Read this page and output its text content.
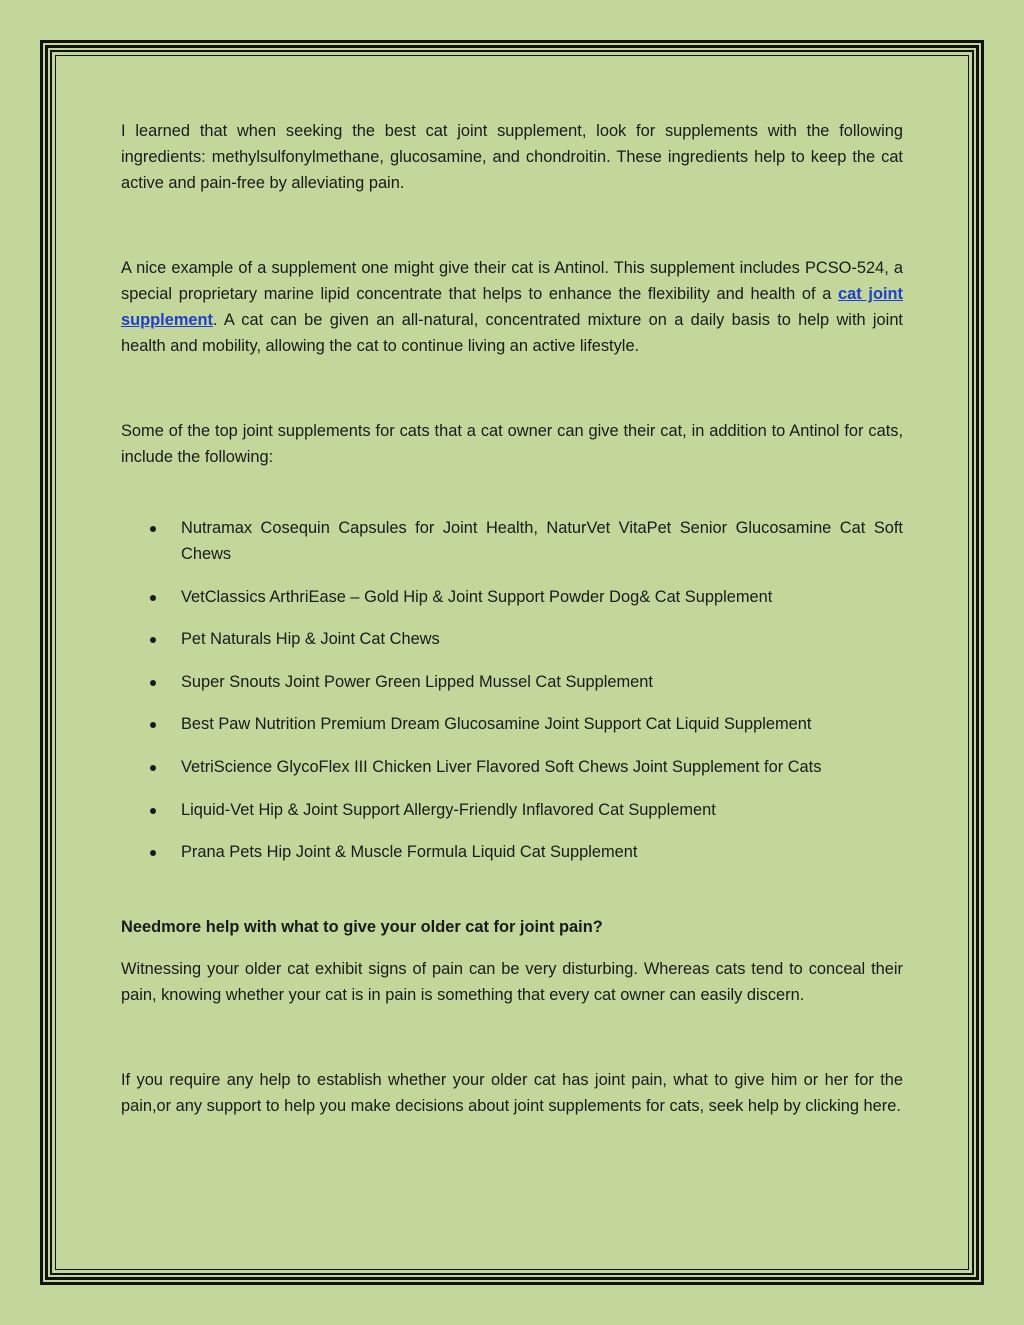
I learned that when seeking the best cat joint supplement, look for supplements with the following ingredients: methylsulfonylmethane, glucosamine, and chondroitin. These ingredients help to keep the cat active and pain-free by alleviating pain.

A nice example of a supplement one might give their cat is Antinol. This supplement includes PCSO-524, a special proprietary marine lipid concentrate that helps to enhance the flexibility and health of a cat joint supplement. A cat can be given an all-natural, concentrated mixture on a daily basis to help with joint health and mobility, allowing the cat to continue living an active lifestyle.

Some of the top joint supplements for cats that a cat owner can give their cat, in addition to Antinol for cats, include the following:

Nutramax Cosequin Capsules for Joint Health, NaturVet VitaPet Senior Glucosamine Cat Soft Chews
VetClassics ArthriEase – Gold Hip & Joint Support Powder Dog& Cat Supplement
Pet Naturals Hip & Joint Cat Chews
Super Snouts Joint Power Green Lipped Mussel Cat Supplement
Best Paw Nutrition Premium Dream Glucosamine Joint Support Cat Liquid Supplement
VetriScience GlycoFlex III Chicken Liver Flavored Soft Chews Joint Supplement for Cats
Liquid-Vet Hip & Joint Support Allergy-Friendly Inflavored Cat Supplement
Prana Pets Hip Joint & Muscle Formula Liquid Cat Supplement
Needmore help with what to give your older cat for joint pain?

Witnessing your older cat exhibit signs of pain can be very disturbing. Whereas cats tend to conceal their pain, knowing whether your cat is in pain is something that every cat owner can easily discern.

If you require any help to establish whether your older cat has joint pain, what to give him or her for the pain,or any support to help you make decisions about joint supplements for cats, seek help by clicking here.
